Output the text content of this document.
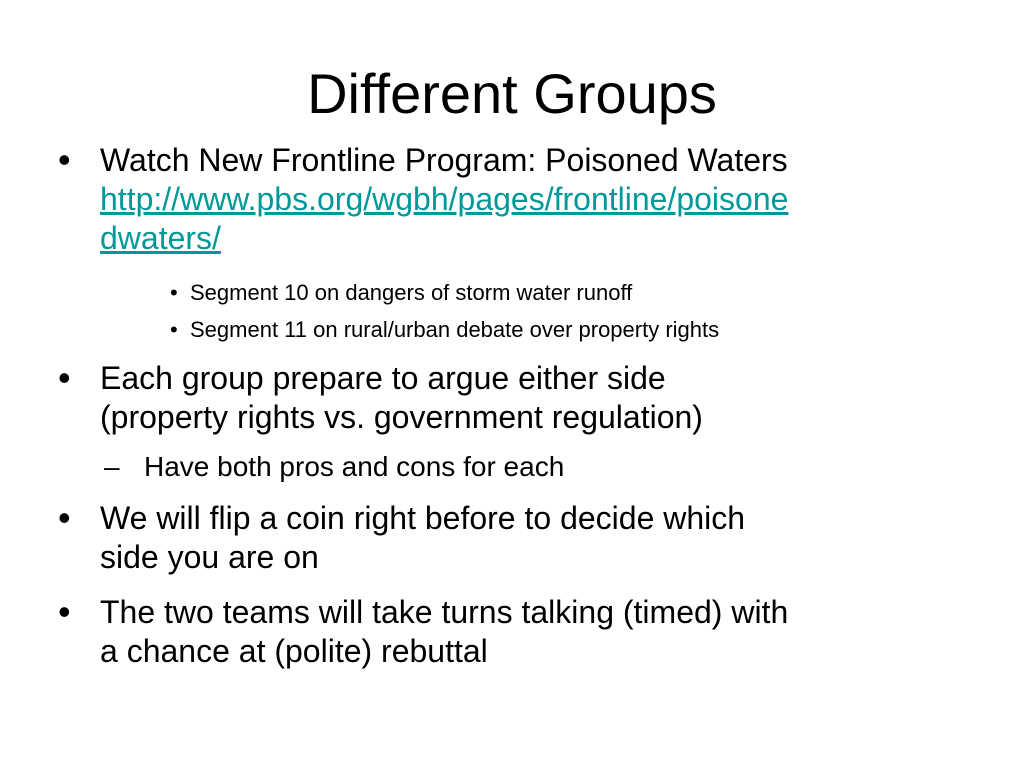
Different Groups
• Watch New Frontline Program: Poisoned Waters
http://www.pbs.org/wgbh/pages/frontline/poisone
dwaters/
• Segment 10 on dangers of storm water runoff
• Segment 11 on rural/urban debate over property rights
• Each group prepare to argue either side
(property rights vs. government regulation)
– Have both pros and cons for each
• We will flip a coin right before to decide which
side you are on
• The two teams will take turns talking (timed) with
a chance at (polite) rebuttal
